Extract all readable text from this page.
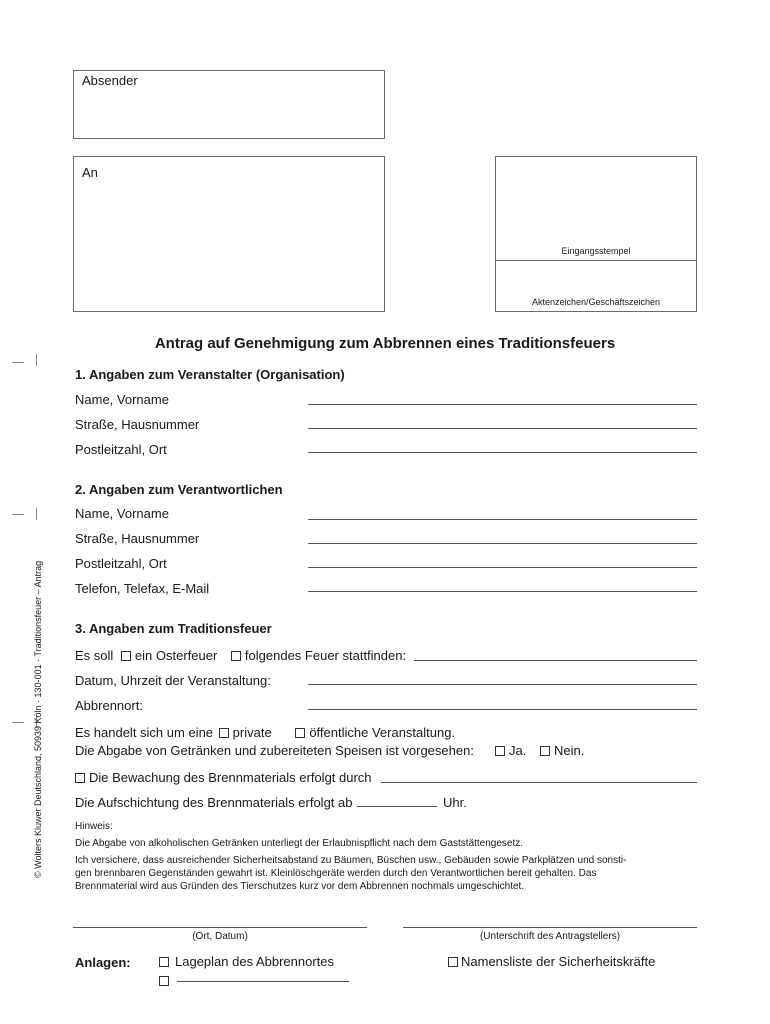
© Wolters Kluwer Deutschland, 50939 Köln · 130-001 · Traditionsfeuer – Antrag
Absender
An
Eingangsstempel
Aktenzeichen/Geschäftszeichen
Antrag auf Genehmigung zum Abbrennen eines Traditionsfeuers
1. Angaben zum Veranstalter (Organisation)
Name, Vorname
Straße, Hausnummer
Postleitzahl, Ort
2. Angaben zum Verantwortlichen
Name, Vorname
Straße, Hausnummer
Postleitzahl, Ort
Telefon, Telefax, E-Mail
3. Angaben zum Traditionsfeuer
Es soll ein Osterfeuer folgendes Feuer stattfinden:
Datum, Uhrzeit der Veranstaltung:
Abbrennort:
Es handelt sich um eine private	öffentliche Veranstaltung.
Die Abgabe von Getränken und zubereiteten Speisen ist vorgesehen:	Ja. Nein.
Die Bewachung des Brennmaterials erfolgt durch
Die Aufschichtung des Brennmaterials erfolgt ab	Uhr.
Hinweis:
Die Abgabe von alkoholischen Getränken unterliegt der Erlaubnispflicht nach dem Gaststättengesetz.
Ich versichere, dass ausreichender Sicherheitsabstand zu Bäumen, Büschen usw., Gebäuden sowie Parkplätzen und sonsti-
gen brennbaren Gegenständen gewahrt ist. Kleinlöschgeräte werden durch den Verantwortlichen bereit gehalten. Das
Brennmaterial wird aus Gründen des Tierschutzes kurz vor dem Abbrennen nochmals umgeschichtet.
(Ort, Datum)	(Unterschrift des Antragstellers)
Anlagen:	Lageplan des Abbrennortes	Namensliste der Sicherheitskräfte
